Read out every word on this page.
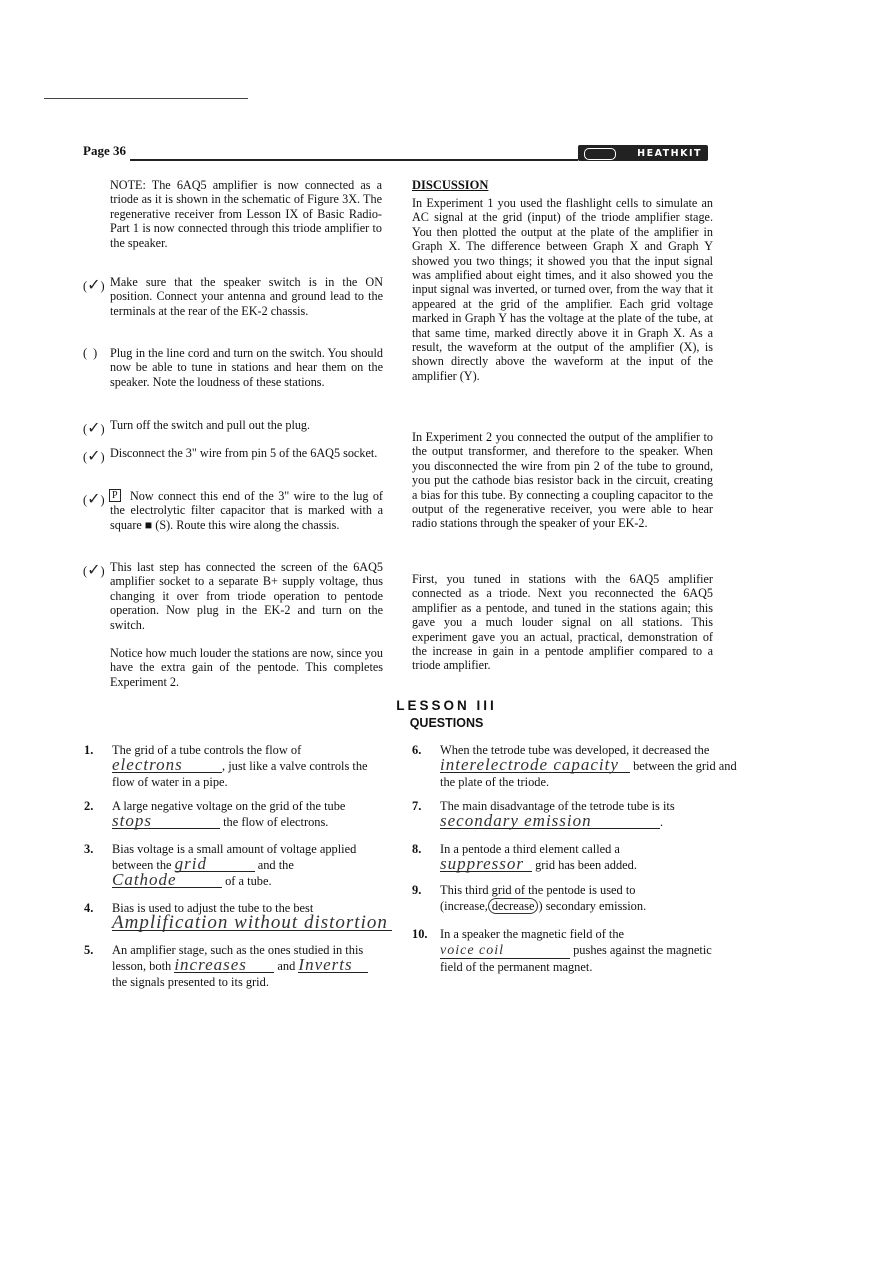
Page 36	HEATHKIT

NOTE: The 6AQ5 amplifier is now connected as a triode as it is shown in the schematic of Figure 3X. The regenerative receiver from Lesson IX of Basic Radio-Part 1 is now connected through this triode amplifier to the speaker.

(✓) Make sure that the speaker switch is in the ON position. Connect your antenna and ground lead to the terminals at the rear of the EK-2 chassis.

(  ) Plug in the line cord and turn on the switch. You should now be able to tune in stations and hear them on the speaker. Note the loudness of these stations.

(✓) Turn off the switch and pull out the plug.

(✓) Disconnect the 3" wire from pin 5 of the 6AQ5 socket.

(✓) P	Now connect this end of the 3" wire to the lug of the electrolytic filter capacitor that is marked with a square ■ (S). Route this wire along the chassis.

(✓) This last step has connected the screen of the 6AQ5 amplifier socket to a separate B+ supply voltage, thus changing it over from triode operation to pentode operation. Now plug in the EK-2 and turn on the switch.

Notice how much louder the stations are now, since you have the extra gain of the pentode. This completes Experiment 2.

DISCUSSION

In Experiment 1 you used the flashlight cells to simulate an AC signal at the grid (input) of the triode amplifier stage. You then plotted the output at the plate of the amplifier in Graph X. The difference between Graph X and Graph Y showed you two things; it showed you that the input signal was amplified about eight times, and it also showed you the input signal was inverted, or turned over, from the way that it appeared at the grid of the amplifier. Each grid voltage marked in Graph Y has the voltage at the plate of the tube, at that same time, marked directly above it in Graph X. As a result, the waveform at the output of the amplifier (X), is shown directly above the waveform at the input of the amplifier (Y).

In Experiment 2 you connected the output of the amplifier to the output transformer, and therefore to the speaker. When you disconnected the wire from pin 2 of the tube to ground, you put the cathode bias resistor back in the circuit, creating a bias for this tube. By connecting a coupling capacitor to the output of the regenerative receiver, you were able to hear radio stations through the speaker of your EK-2.

First, you tuned in stations with the 6AQ5 amplifier connected as a triode. Next you reconnected the 6AQ5 amplifier as a pentode, and tuned in the stations again; this gave you a much louder signal on all stations. This experiment gave you an actual, practical, demonstration of the increase in gain in a pentode amplifier compared to a triode amplifier.

LESSON III
QUESTIONS
1. The grid of a tube controls the flow of electrons	, just like a valve controls the flow of water in a pipe.
2. A large negative voltage on the grid of the tube stops	the flow of electrons.
3. Bias voltage is a small amount of voltage applied between the grid	and the Cathode	of a tube.
4. Bias is used to adjust the tube to the best Amplification without distortion
5. An amplifier stage, such as the ones studied in this lesson, both increases and Inverts the signals presented to its grid.
6. When the tetrode tube was developed, it decreased the interelectrode capacity between the grid and the plate of the triode.
7. The main disadvantage of the tetrode tube is its secondary emission	.
8. In a pentode a third element called a suppressor grid has been added.
9. This third grid of the pentode is used to (increase, decrease ) secondary emission.
10. In a speaker the magnetic field of the voice coil	pushes against the magnetic field of the permanent magnet.
